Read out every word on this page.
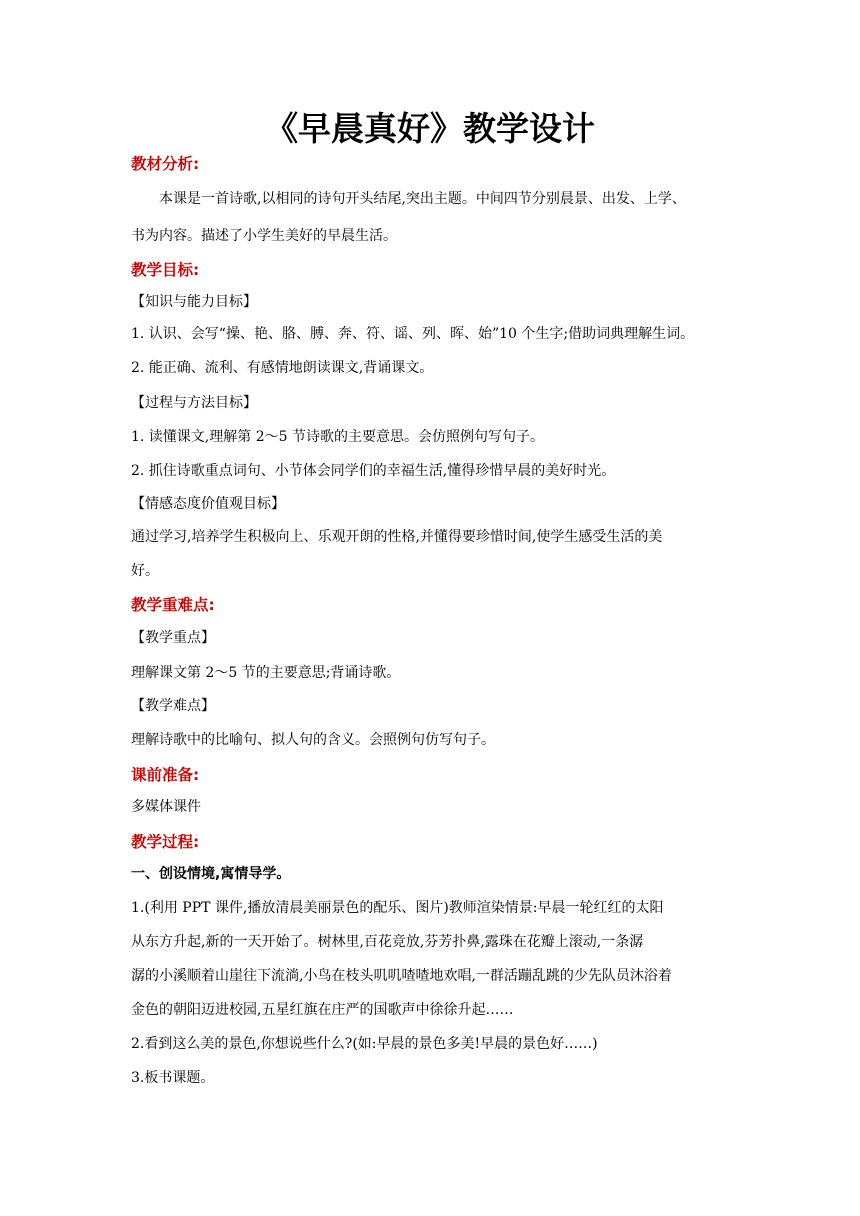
《早晨真好》教学设计
教材分析:
本课是一首诗歌,以相同的诗句开头结尾,突出主题。中间四节分别晨景、出发、上学、
书为内容。描述了小学生美好的早晨生活。
教学目标:
【知识与能力目标】
1. 认识、会写“操、艳、胳、膊、奔、符、谣、列、晖、始”10 个生字;借助词典理解生词。
2. 能正确、流利、有感情地朗读课文,背诵课文。
【过程与方法目标】
1. 读懂课文,理解第 2～5 节诗歌的主要意思。会仿照例句写句子。
2. 抓住诗歌重点词句、小节体会同学们的幸福生活,懂得珍惜早晨的美好时光。
【情感态度价值观目标】
通过学习,培养学生积极向上、乐观开朗的性格,并懂得要珍惜时间,使学生感受生活的美
好。
教学重难点:
【教学重点】
理解课文第 2～5 节的主要意思;背诵诗歌。
【教学难点】
理解诗歌中的比喻句、拟人句的含义。会照例句仿写句子。
课前准备:
多媒体课件
教学过程:
一、创设情境,寓情导学。
1.(利用 PPT 课件,播放清晨美丽景色的配乐、图片)教师渲染情景:早晨一轮红红的太阳
从东方升起,新的一天开始了。树林里,百花竞放,芬芳扑鼻,露珠在花瓣上滚动,一条潺
潺的小溪顺着山崖往下流淌,小鸟在枝头叽叽喳喳地欢唱,一群活蹦乱跳的少先队员沐浴着
金色的朝阳迈进校园,五星红旗在庄严的国歌声中徐徐升起……
2.看到这么美的景色,你想说些什么?(如:早晨的景色多美!早晨的景色好……)
3.板书课题。
